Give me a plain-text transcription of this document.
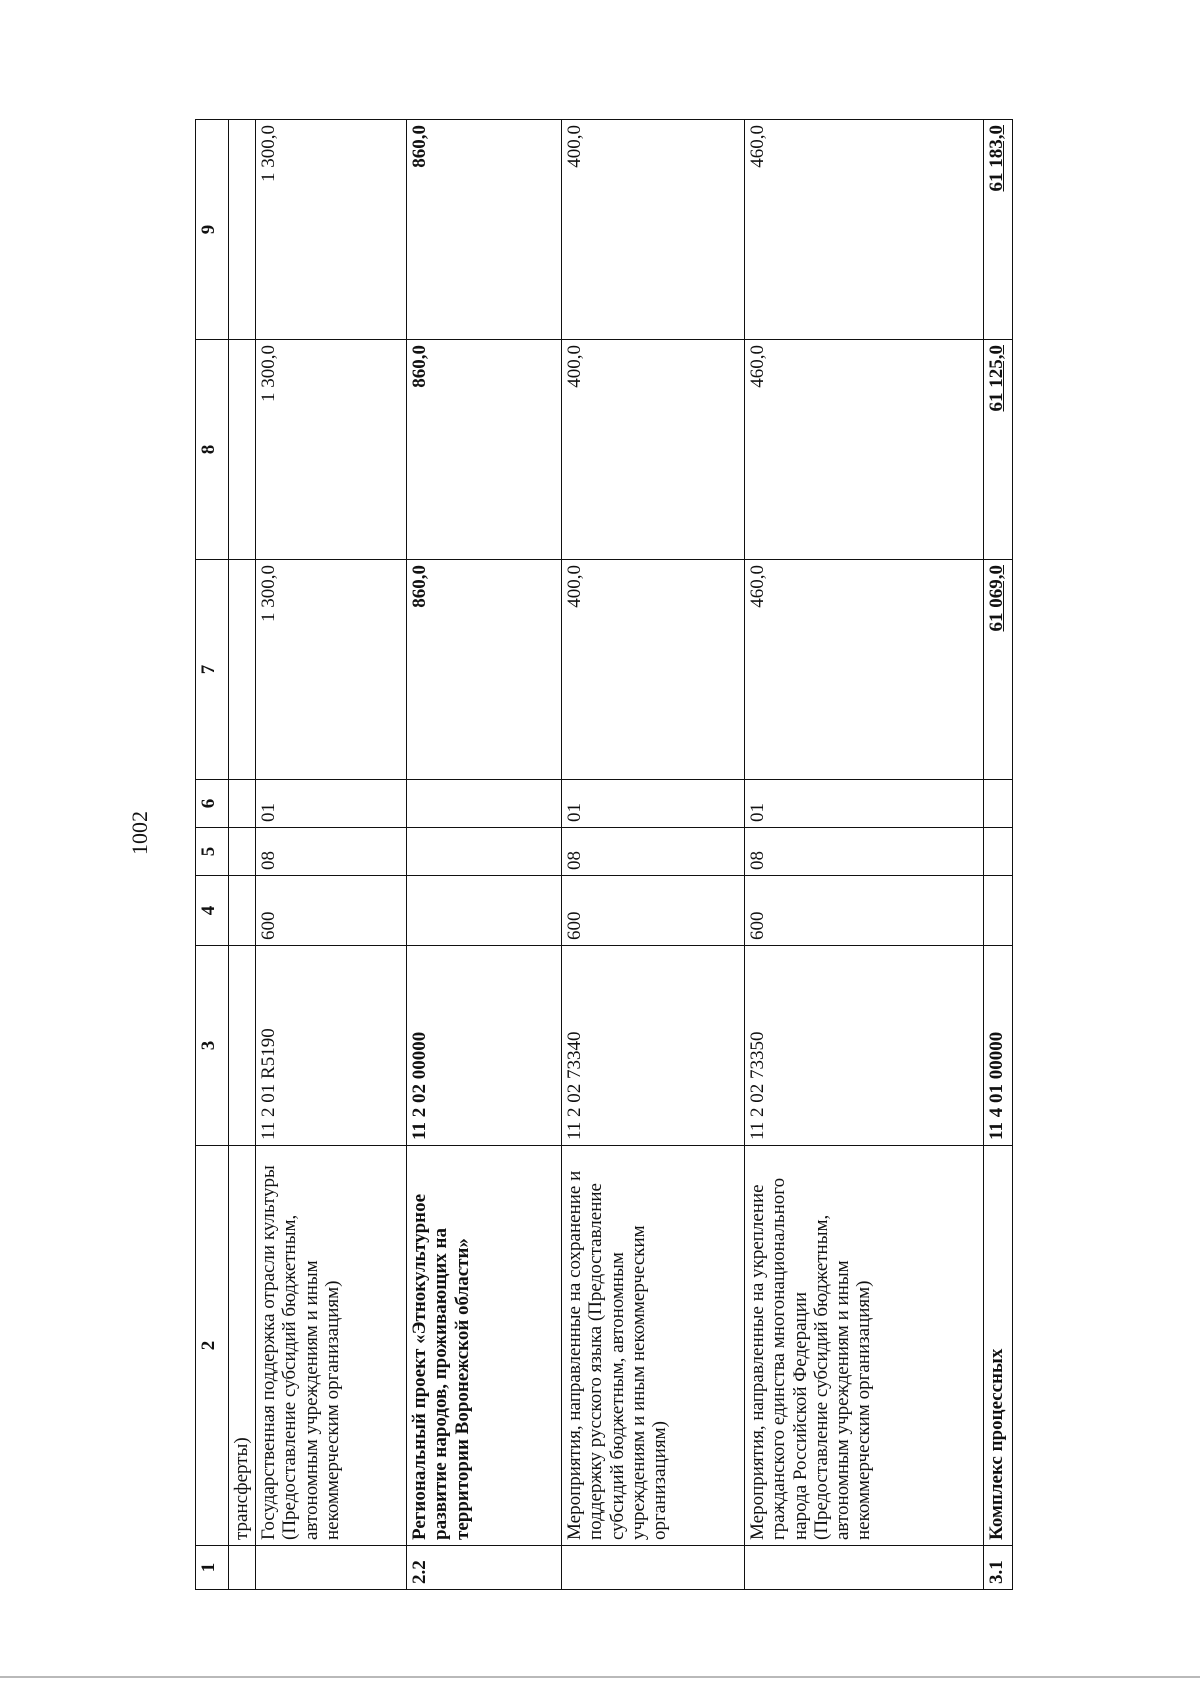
1002
1	2	3	4	5	6	7	8	9
	трансферты)							
	Государственная поддержка отрасли культуры (Предоставление субсидий бюджетным, автономным учреждениям и иным некоммерческим организациям)	11 2 01 R5190	600	08	01	1 300,0	1 300,0	1 300,0
2.2	Региональный проект «Этнокультурное развитие народов, проживающих на территории Воронежской области»	11 2 02 00000				860,0	860,0	860,0
	Мероприятия, направленные на сохранение и поддержку русского языка (Предоставление субсидий бюджетным, автономным учреждениям и иным некоммерческим организациям)	11 2 02 73340	600	08	01	400,0	400,0	400,0
	Мероприятия, направленные на укрепление гражданского единства многонационального народа Российской Федерации (Предоставление субсидий бюджетным, автономным учреждениям и иным некоммерческим организациям)	11 2 02 73350	600	08	01	460,0	460,0	460,0
3.1	Комплекс процессных	11 4 01 00000				61 069,0	61 125,0	61 183,0
